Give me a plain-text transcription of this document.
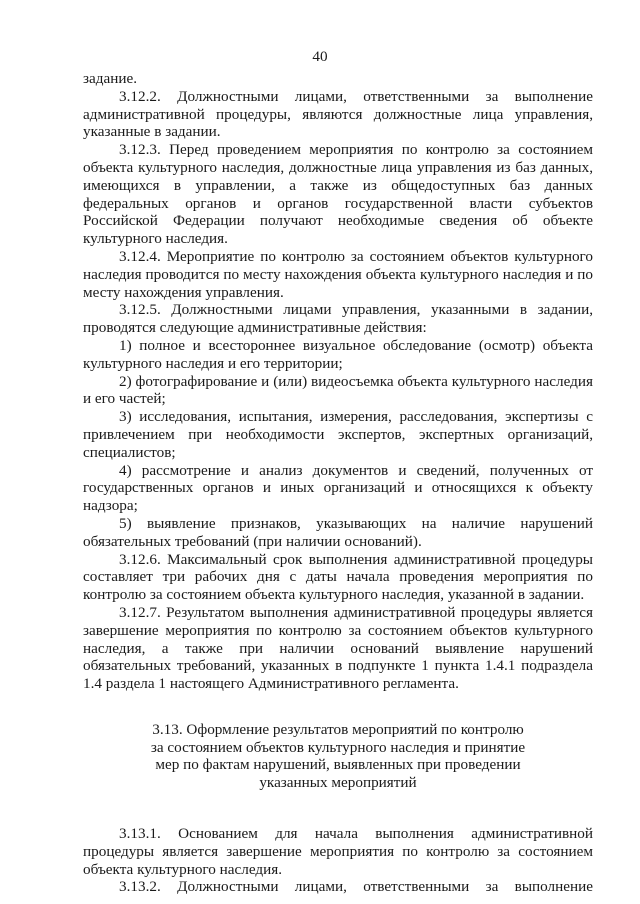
40

задание.

3.12.2. Должностными лицами, ответственными за выполнение административной процедуры, являются должностные лица управления, указанные в задании.

3.12.3. Перед проведением мероприятия по контролю за состоянием объекта культурного наследия, должностные лица управления из баз данных, имеющихся в управлении, а также из общедоступных баз данных федеральных органов и органов государственной власти субъектов Российской Федерации получают необходимые сведения об объекте культурного наследия.

3.12.4. Мероприятие по контролю за состоянием объектов культурного наследия проводится по месту нахождения объекта культурного наследия и по месту нахождения управления.

3.12.5. Должностными лицами управления, указанными в задании, проводятся следующие административные действия:

1) полное и всестороннее визуальное обследование (осмотр) объекта культурного наследия и его территории;

2) фотографирование и (или) видеосъемка объекта культурного наследия и его частей;

3) исследования, испытания, измерения, расследования, экспертизы с привлечением при необходимости экспертов, экспертных организаций, специалистов;

4) рассмотрение и анализ документов и сведений, полученных от государственных органов и иных организаций и относящихся к объекту надзора;

5) выявление признаков, указывающих на наличие нарушений обязательных требований (при наличии оснований).

3.12.6. Максимальный срок выполнения административной процедуры составляет три рабочих дня с даты начала проведения мероприятия по контролю за состоянием объекта культурного наследия, указанной в задании.

3.12.7. Результатом выполнения административной процедуры является завершение мероприятия по контролю за состоянием объектов культурного наследия, а также при наличии оснований выявление нарушений обязательных требований, указанных в подпункте 1 пункта 1.4.1 подраздела 1.4 раздела 1 настоящего Административного регламента.

3.13. Оформление результатов мероприятий по контролю
за состоянием объектов культурного наследия и принятие
мер по фактам нарушений, выявленных при проведении
указанных мероприятий

3.13.1. Основанием для начала выполнения административной процедуры является завершение мероприятия по контролю за состоянием объекта культурного наследия.

3.13.2. Должностными лицами, ответственными за выполнение
